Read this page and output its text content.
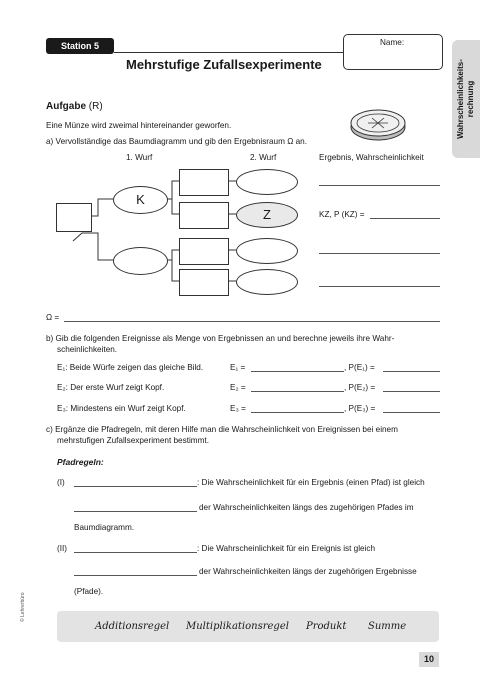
Station 5
Mehrstufige Zufallsexperimente
Name:
Wahrscheinlichkeits- rechnung
Aufgabe (R)
Eine Münze wird zweimal hintereinander geworfen.
a) Vervollständige das Baumdiagramm und gib den Ergebnisraum Ω an.
1. Wurf	2. Wurf	Ergebnis, Wahrscheinlichkeit
K
Z	KZ, P (KZ) =
Ω =
b) Gib die folgenden Ereignisse als Menge von Ergebnissen an und berechne jeweils ihre Wahr-
scheinlichkeiten.
E₁: Beide Würfe zeigen das gleiche Bild.	E₁ =	, P(E₁) =
E₂: Der erste Wurf zeigt Kopf.	E₂ =	, P(E₂) =
E₃: Mindestens ein Wurf zeigt Kopf.	E₃ =	, P(E₃) =
c) Ergänze die Pfadregeln, mit deren Hilfe man die Wahrscheinlichkeit von Ereignissen bei einem
mehrstufigen Zufallsexperiment bestimmt.
Pfadregeln:
(I)	: Die Wahrscheinlichkeit für ein Ergebnis (einen Pfad) ist gleich
der Wahrscheinlichkeiten längs des zugehörigen Pfades im
Baumdiagramm.
(II)	: Die Wahrscheinlichkeit für ein Ereignis ist gleich
der Wahrscheinlichkeiten längs der zugehörigen Ergebnisse
(Pfade).
Additionsregel Multiplikationsregel Produkt Summe
© Lehrerbüro
10
